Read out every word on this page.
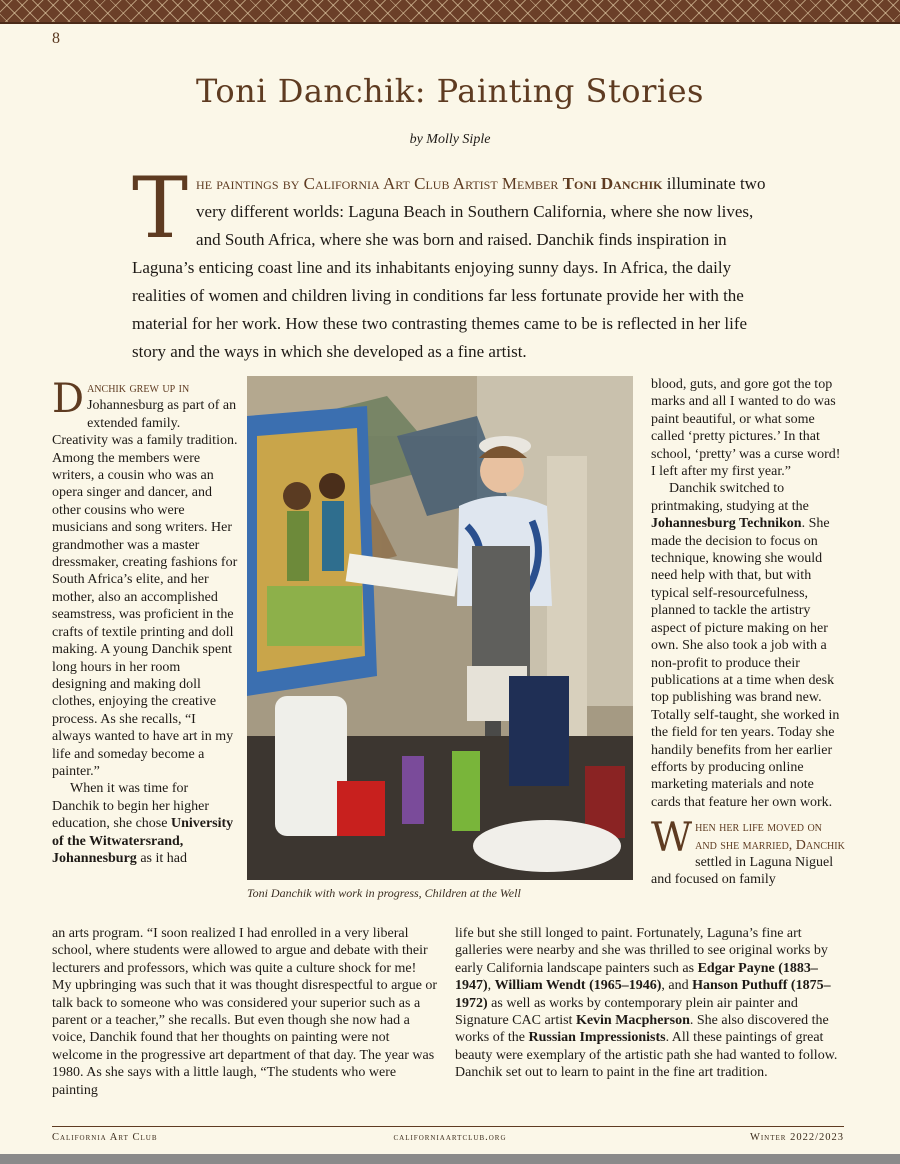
8
Toni Danchik: Painting Stories
by Molly Siple
The paintings by California Art Club Artist Member Toni Danchik illuminate two very different worlds: Laguna Beach in Southern California, where she now lives, and South Africa, where she was born and raised. Danchik finds inspiration in Laguna’s enticing coast line and its inhabitants enjoying sunny days. In Africa, the daily realities of women and children living in conditions far less fortunate provide her with the material for her work. How these two contrasting themes came to be is reflected in her life story and the ways in which she developed as a fine artist.

Danchik grew up in Johannesburg as part of an extended family. Creativity was a family tradition. Among the members were writers, a cousin who was an opera singer and dancer, and other cousins who were musicians and song writers. Her grandmother was a master dressmaker, creating fashions for South Africa’s elite, and her mother, also an accomplished seamstress, was proficient in the crafts of textile printing and doll making. A young Danchik spent long hours in her room designing and making doll clothes, enjoying the creative process. As she recalls, “I always wanted to have art in my life and someday become a painter.”

When it was time for Danchik to begin her higher education, she chose University of the Witwatersrand, Johannesburg as it had

Toni Danchik with work in progress, Children at the Well

blood, guts, and gore got the top marks and all I wanted to do was paint beautiful, or what some called ‘pretty pictures.’ In that school, ‘pretty’ was a curse word! I left after my first year.”

Danchik switched to printmaking, studying at the Johannesburg Technikon. She made the decision to focus on technique, knowing she would need help with that, but with typical self-resourcefulness, planned to tackle the artistry aspect of picture making on her own. She also took a job with a non-profit to produce their publications at a time when desk top publishing was brand new. Totally self-taught, she worked in the field for ten years. Today she handily benefits from her earlier efforts by producing online marketing materials and note cards that feature her own work.

When her life moved on and she married, Danchik settled in Laguna Niguel and focused on family

an arts program. “I soon realized I had enrolled in a very liberal school, where students were allowed to argue and debate with their lecturers and professors, which was quite a culture shock for me! My upbringing was such that it was thought disrespectful to argue or talk back to someone who was considered your superior such as a parent or a teacher,” she recalls. But even though she now had a voice, Danchik found that her thoughts on painting were not welcome in the progressive art department of that day. The year was 1980. As she says with a little laugh, “The students who were painting

life but she still longed to paint. Fortunately, Laguna’s fine art galleries were nearby and she was thrilled to see original works by early California landscape painters such as Edgar Payne (1883–1947), William Wendt (1965–1946), and Hanson Puthuff (1875–1972) as well as works by contemporary plein air painter and Signature CAC artist Kevin Macpherson. She also discovered the works of the Russian Impressionists. All these paintings of great beauty were exemplary of the artistic path she had wanted to follow. Danchik set out to learn to paint in the fine art tradition.

California Art Club	californiaartclub.org	Winter 2022/2023
